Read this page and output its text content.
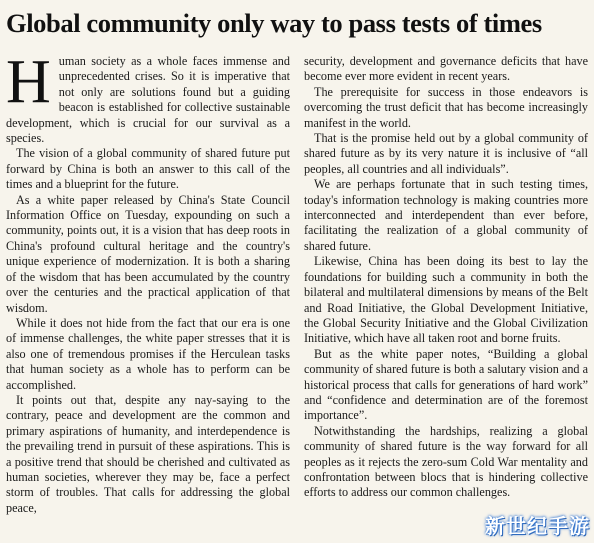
Global community only way to pass tests of times
H uman society as a whole faces immense and unprecedented crises. So it is imperative that not only are solutions found but a guiding beacon is established for collective sustainable development, which is crucial for our survival as a species.

The vision of a global community of shared future put forward by China is both an answer to this call of the times and a blueprint for the future.

As a white paper released by China's State Council Information Office on Tuesday, expounding on such a community, points out, it is a vision that has deep roots in China's profound cultural heritage and the country's unique experience of modernization. It is both a sharing of the wisdom that has been accumulated by the country over the centuries and the practical application of that wisdom.

While it does not hide from the fact that our era is one of immense challenges, the white paper stresses that it is also one of tremendous promises if the Herculean tasks that human society as a whole has to perform can be accomplished.

It points out that, despite any nay-saying to the contrary, peace and development are the common and primary aspirations of humanity, and interdependence is the prevailing trend in pursuit of these aspirations. This is a positive trend that should be cherished and cultivated as human societies, wherever they may be, face a perfect storm of troubles. That calls for addressing the global peace,

security, development and governance deficits that have become ever more evident in recent years.

The prerequisite for success in those endeavors is overcoming the trust deficit that has become increasingly manifest in the world.

That is the promise held out by a global community of shared future as by its very nature it is inclusive of “all peoples, all countries and all individuals”.

We are perhaps fortunate that in such testing times, today's information technology is making countries more interconnected and interdependent than ever before, facilitating the realization of a global community of shared future.

Likewise, China has been doing its best to lay the foundations for building such a community in both the bilateral and multilateral dimensions by means of the Belt and Road Initiative, the Global Development Initiative, the Global Security Initiative and the Global Civilization Initiative, which have all taken root and borne fruits.

But as the white paper notes, “Building a global community of shared future is both a salutary vision and a historical process that calls for generations of hard work” and “confidence and determination are of the foremost importance”.

Notwithstanding the hardships, realizing a global community of shared future is the way forward for all peoples as it rejects the zero-sum Cold War mentality and confrontation between blocs that is hindering collective efforts to address our common challenges.

新世纪手游
